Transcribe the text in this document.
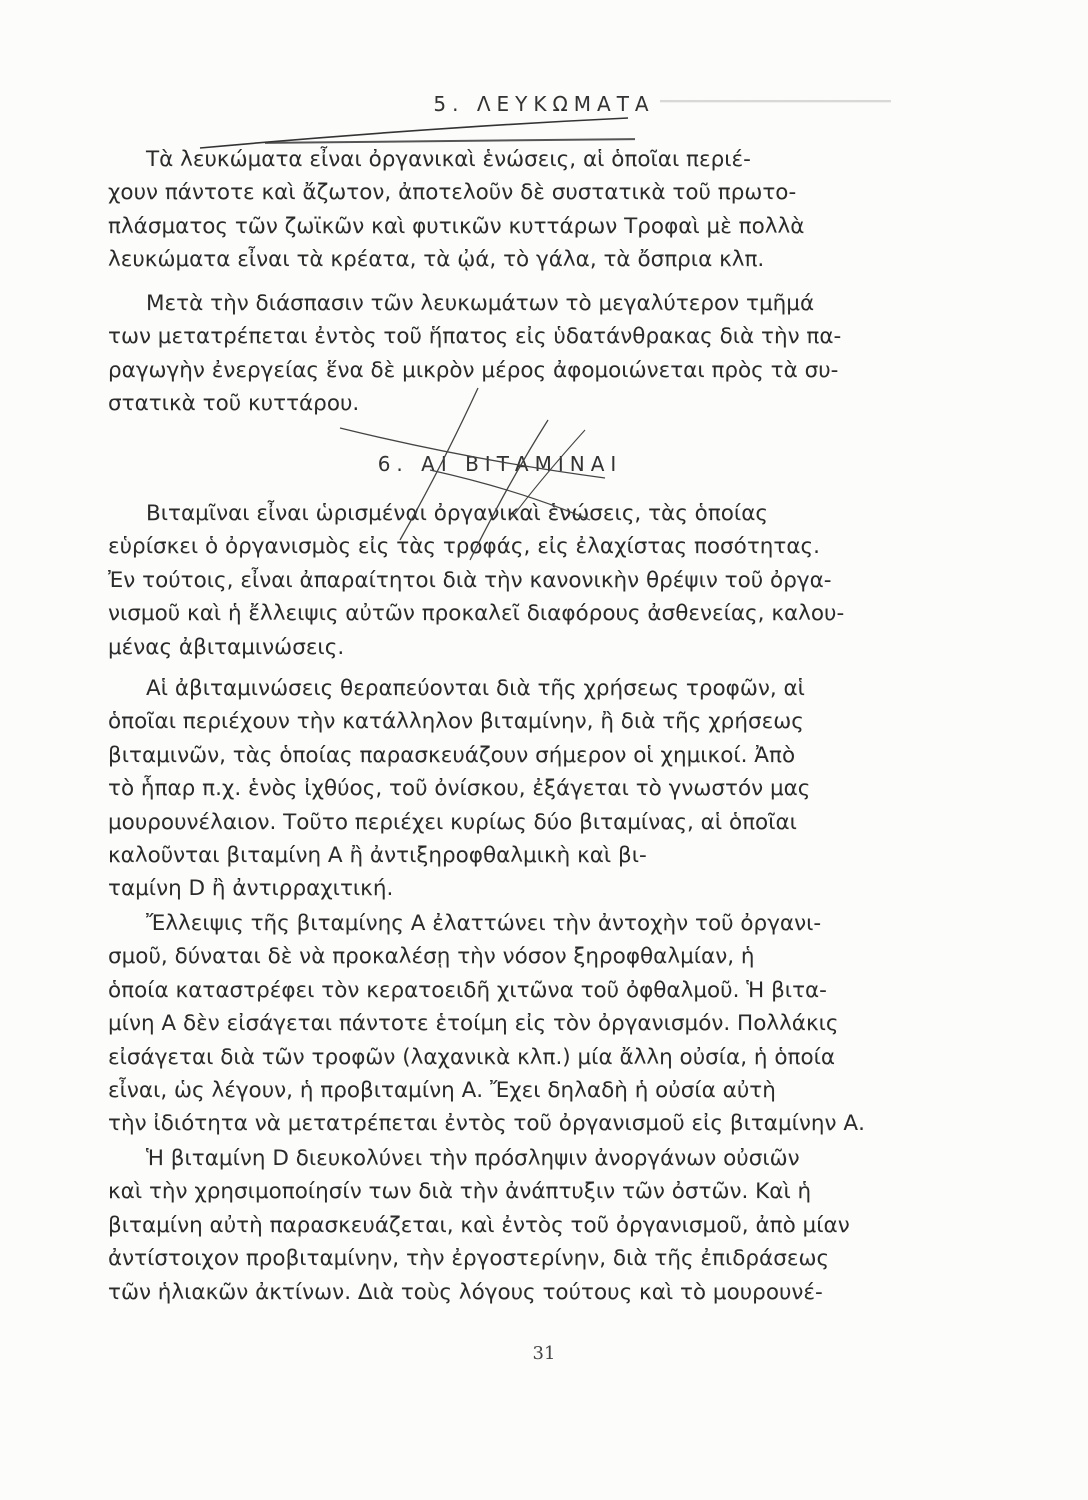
▔▔▔▔▔▔▔▔▔▔▔▔▔▔▔▔▔▔▔▔
5. ΛΕΥΚΩΜΑΤΑ
Τὰ λευκώματα εἶναι ὀργανικαὶ ἑνώσεις, αἱ ὁποῖαι περιέ-
χουν πάντοτε καὶ ἄζωτον, ἀποτελοῦν δὲ συστατικὰ τοῦ πρωτο-
πλάσματος τῶν ζωϊκῶν καὶ φυτικῶν κυττάρων Τροφαὶ μὲ πολλὰ
λευκώματα εἶναι τὰ κρέατα, τὰ ᾠά, τὸ γάλα, τὰ ὄσπρια κλπ.
Μετὰ τὴν διάσπασιν τῶν λευκωμάτων τὸ μεγαλύτερον τμῆμά
των μετατρέπεται ἐντὸς τοῦ ἥπατος εἰς ὑδατάνθρακας διὰ τὴν πα-
ραγωγὴν ἐνεργείας ἕνα δὲ μικρὸν μέρος ἀφομοιώνεται πρὸς τὰ συ-
στατικὰ τοῦ κυττάρου.
6. ΑΙ ΒΙΤΑΜΙΝΑΙ
Βιταμῖναι εἶναι ὡρισμέναι ὀργανικαὶ ἑνώσεις, τὰς ὁποίας
εὑρίσκει ὁ ὀργανισμὸς εἰς τὰς τροφάς, εἰς ἐλαχίστας ποσότητας.
Ἐν τούτοις, εἶναι ἀπαραίτητοι διὰ τὴν κανονικὴν θρέψιν τοῦ ὀργα-
νισμοῦ καὶ ἡ ἔλλειψις αὐτῶν προκαλεῖ διαφόρους ἀσθενείας, καλου-
μένας ἀβιταμινώσεις.
Αἱ ἀβιταμινώσεις θεραπεύονται διὰ τῆς χρήσεως τροφῶν, αἱ
ὁποῖαι περιέχουν τὴν κατάλληλον βιταμίνην, ἢ διὰ τῆς χρήσεως
βιταμινῶν, τὰς ὁποίας παρασκευάζουν σήμερον οἱ χημικοί. Ἀπὸ
τὸ ἧπαρ π.χ. ἑνὸς ἰχθύος, τοῦ ὀνίσκου, ἐξάγεται τὸ γνωστόν μας
μουρουνέλαιον. Τοῦτο περιέχει κυρίως δύο βιταμίνας, αἱ ὁποῖαι
καλοῦνται βιταμίνη Α ἢ ἀντιξηροφθαλμικὴ καὶ βι-
ταμίνη D ἢ ἀντιρραχιτική.
Ἔλλειψις τῆς βιταμίνης Α ἐλαττώνει τὴν ἀντοχὴν τοῦ ὀργανι-
σμοῦ, δύναται δὲ νὰ προκαλέσῃ τὴν νόσον ξηροφθαλμίαν, ἡ
ὁποία καταστρέφει τὸν κερατοειδῆ χιτῶνα τοῦ ὀφθαλμοῦ. Ἡ βιτα-
μίνη Α δὲν εἰσάγεται πάντοτε ἑτοίμη εἰς τὸν ὀργανισμόν. Πολλάκις
εἰσάγεται διὰ τῶν τροφῶν (λαχανικὰ κλπ.) μία ἄλλη οὐσία, ἡ ὁποία
εἶναι, ὡς λέγουν, ἡ προβιταμίνη Α. Ἔχει δηλαδὴ ἡ οὐσία αὐτὴ
τὴν ἰδιότητα νὰ μετατρέπεται ἐντὸς τοῦ ὀργανισμοῦ εἰς βιταμίνην Α.
Ἡ βιταμίνη D διευκολύνει τὴν πρόσληψιν ἀνοργάνων οὐσιῶν
καὶ τὴν χρησιμοποίησίν των διὰ τὴν ἀνάπτυξιν τῶν ὀστῶν. Καὶ ἡ
βιταμίνη αὐτὴ παρασκευάζεται, καὶ ἐντὸς τοῦ ὀργανισμοῦ, ἀπὸ μίαν
ἀντίστοιχον προβιταμίνην, τὴν ἐργοστερίνην, διὰ τῆς ἐπιδράσεως
τῶν ἡλιακῶν ἀκτίνων. Διὰ τοὺς λόγους τούτους καὶ τὸ μουρουνέ-
31
